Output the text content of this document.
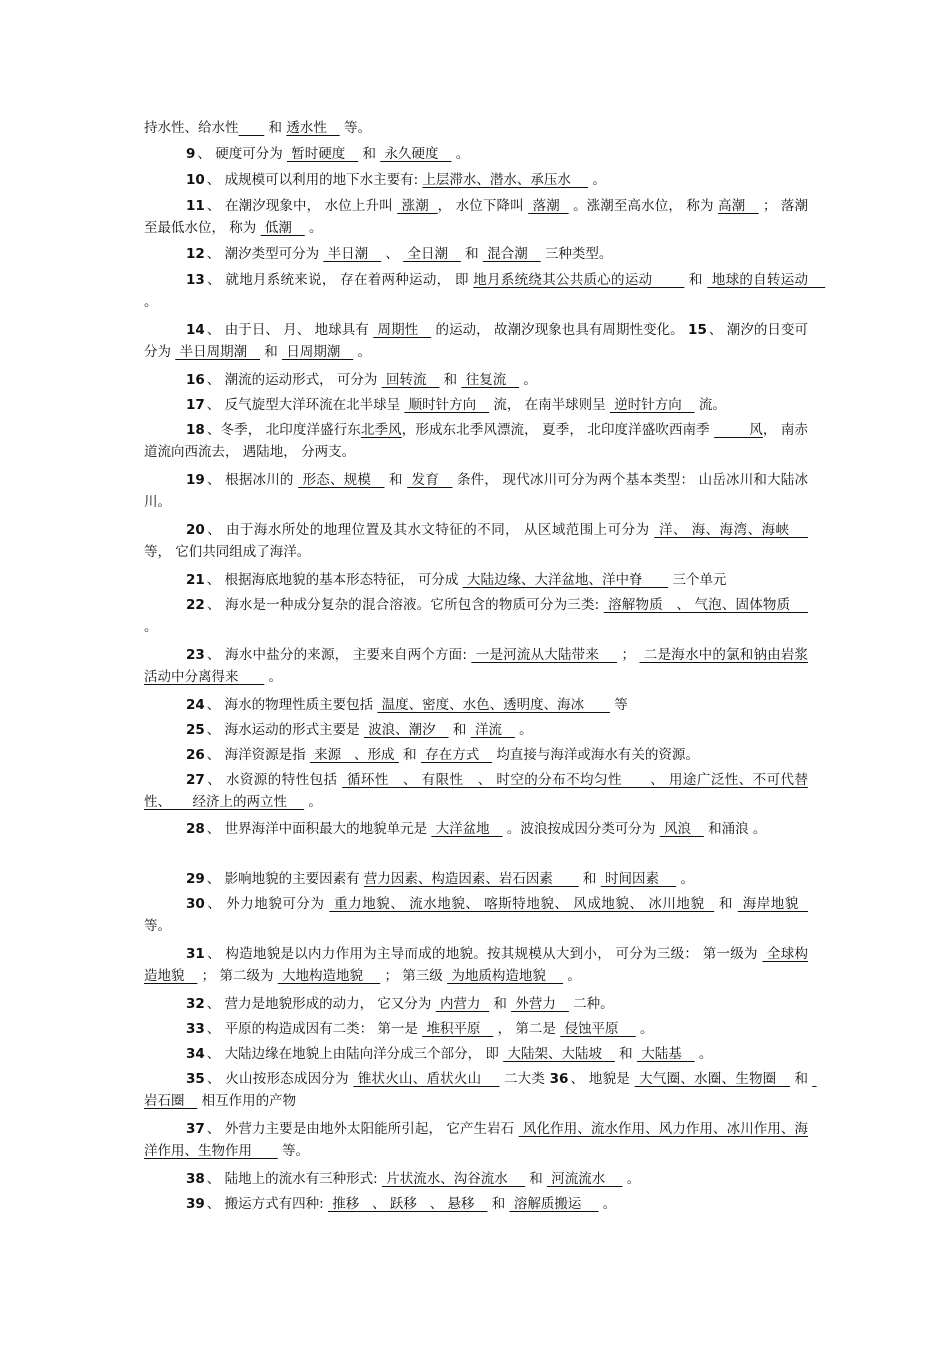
持水性、给水性       和 透水性    等。
9 、 硬度可分为  暂时硬度    和  永久硬度    。
10 、 成规模可以利用的地下水主要有: 上层滞水、潜水、承压水     。
11 、 在潮汐现象中， 水位上升叫  涨潮  ， 水位下降叫  落潮   。涨潮至高水位， 称为 高潮    ； 落潮至最低水位， 称为  低潮    。
12 、 潮汐类型可分为  半日潮    、  全日潮    和  混合潮    三种类型。
13 、 就地月系统来说， 存在着两种运动， 即 地月系统绕其公共质心的运动        和  地球的自转运动     。
14 、 由于日、 月、 地球具有  周期性    的运动， 故潮汐现象也具有周期性变化。 15 、 潮汐的日变可分为  半日周期潮    和  日周期潮    。
16 、 潮流的运动形式， 可分为  回转流    和  往复流    。
17 、 反气旋型大洋环流在北半球呈  顺时针方向    流， 在南半球则呈  逆时针方向    流。
18 、冬季， 北印度洋盛行东北季风，形成东北季风漂流， 夏季， 北印度洋盛吹西南季         风， 南赤道流向西流去， 遇陆地， 分两支。
19 、 根据冰川的  形态、规模    和  发育    条件， 现代冰川可分为两个基本类型： 山岳冰川和大陆冰川。
20 、 由于海水所处的地理位置及其水文特征的不同， 从区域范围上可分为  洋、 海、海湾、海峡     等， 它们共同组成了海洋。
21 、 根据海底地貌的基本形态特征， 可分成  大陆边缘、大洋盆地、洋中脊       三个单元
22 、 海水是一种成分复杂的混合溶液。它所包含的物质可分为三类:  溶解物质   、 气泡、固体物质     。
23 、 海水中盐分的来源， 主要来自两个方面:  一是河流从大陆带来     ；  二是海水中的氯和钠由岩浆活动中分离得来       。
24 、 海水的物理性质主要包括  温度、密度、水色、透明度、海冰       等
25 、 海水运动的形式主要是  波浪、潮汐    和  洋流    。
26 、 海洋资源是指  来源   、形成  和  存在方式    均直接与海洋或海水有关的资源。
27 、 水资源的特性包括  循环性   、 有限性   、 时空的分布不均匀性      、 用途广泛性、不可代替性、     经济上的两立性     。
28 、 世界海洋中面积最大的地貌单元是  大洋盆地    。波浪按成因分类可分为  风浪    和涌浪 。
29 、 影响地貌的主要因素有 营力因素、构造因素、岩石因素       和  时间因素     。
30 、 外力地貌可分为  重力地貌、 流水地貌、 喀斯特地貌、 风成地貌、 冰川地貌   和  海岸地貌   等。
31 、 构造地貌是以内力作用为主导而成的地貌。按其规模从大到小， 可分为三级： 第一级为  全球构造地貌    ； 第二级为  大地构造地貌     ； 第三级  为地质构造地貌     。
32 、 营力是地貌形成的动力， 它又分为  内营力   和  外营力    二种。
33 、 平原的构造成因有二类： 第一是  堆积平原    ， 第二是  侵蚀平原     。
34 、 大陆边缘在地貌上由陆向洋分成三个部分， 即  大陆架、大陆坡    和  大陆基    。
35 、 火山按形态成因分为  锥状火山、盾状火山     二大类 36 、 地貌是  大气圈、水圈、生物圈    和  岩石圈    相互作用的产物
37 、 外营力主要是由地外太阳能所引起， 它产生岩石  风化作用、流水作用、风力作用、冰川作用、海洋作用、生物作用       等。
38 、 陆地上的流水有三种形式:  片状流水、沟谷流水     和  河流流水     。
39 、 搬运方式有四种:  推移   、 跃移   、 悬移    和  溶解质搬运     。
